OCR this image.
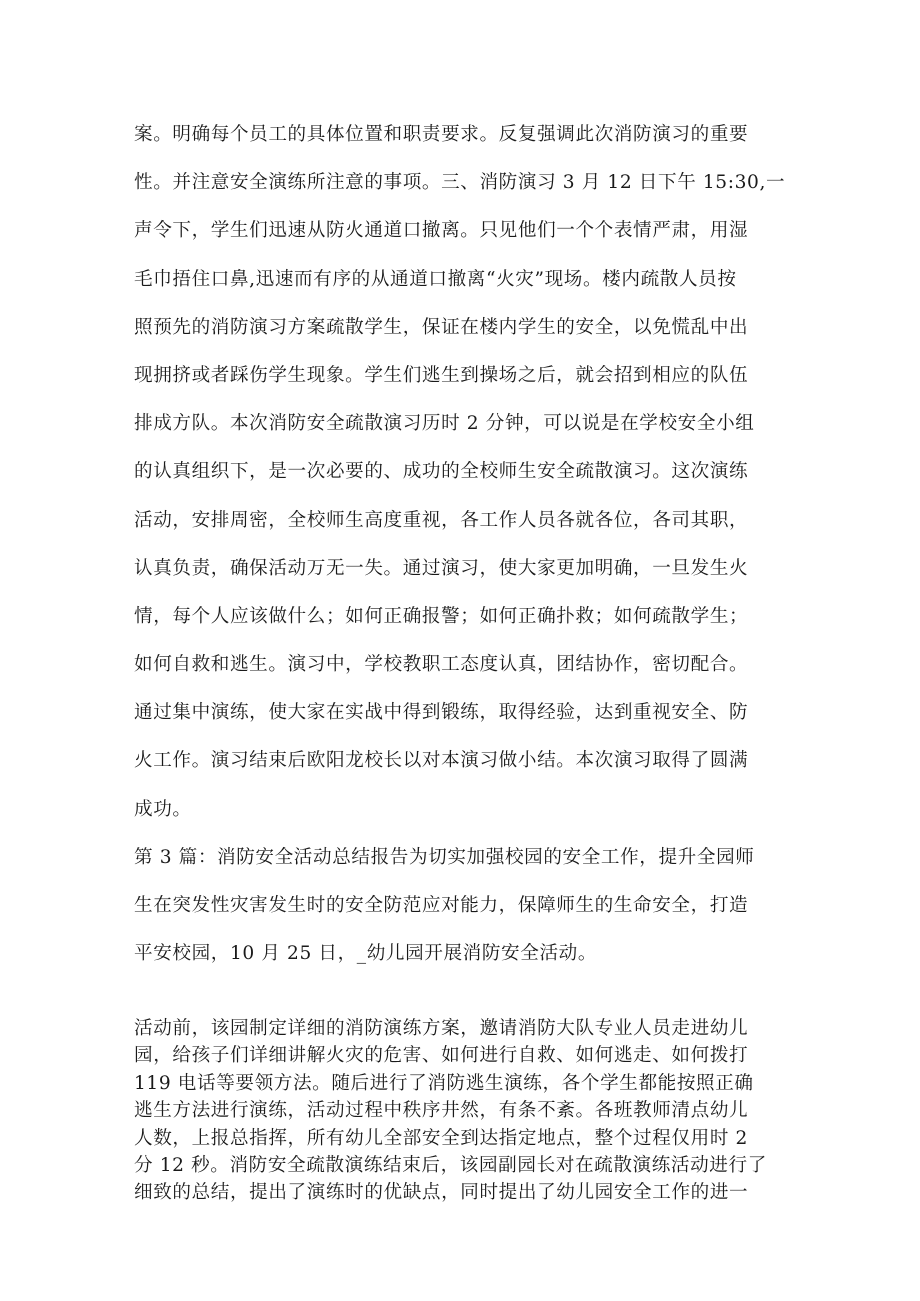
案。明确每个员工的具体位置和职责要求。反复强调此次消防演习的重要
性。并注意安全演练所注意的事项。三、消防演习 3 月 12 日下午 15:30,一
声令下，学生们迅速从防火通道口撤离。只见他们一个个表情严肃，用湿
毛巾捂住口鼻,迅速而有序的从通道口撤离“火灾”现场。楼内疏散人员按
照预先的消防演习方案疏散学生，保证在楼内学生的安全，以免慌乱中出
现拥挤或者踩伤学生现象。学生们逃生到操场之后，就会招到相应的队伍
排成方队。本次消防安全疏散演习历时 2 分钟，可以说是在学校安全小组
的认真组织下，是一次必要的、成功的全校师生安全疏散演习。这次演练
活动，安排周密，全校师生高度重视，各工作人员各就各位，各司其职，
认真负责，确保活动万无一失。通过演习，使大家更加明确，一旦发生火
情，每个人应该做什么；如何正确报警；如何正确扑救；如何疏散学生；
如何自救和逃生。演习中，学校教职工态度认真，团结协作，密切配合。
通过集中演练，使大家在实战中得到锻练，取得经验，达到重视安全、防
火工作。演习结束后欧阳龙校长以对本演习做小结。本次演习取得了圆满
成功。
第 3 篇：消防安全活动总结报告为切实加强校园的安全工作，提升全园师
生在突发性灾害发生时的安全防范应对能力，保障师生的生命安全，打造
平安校园，10 月 25 日，_幼儿园开展消防安全活动。
活动前，该园制定详细的消防演练方案，邀请消防大队专业人员走进幼儿
园，给孩子们详细讲解火灾的危害、如何进行自救、如何逃走、如何拨打
119 电话等要领方法。随后进行了消防逃生演练，各个学生都能按照正确
逃生方法进行演练，活动过程中秩序井然，有条不紊。各班教师清点幼儿
人数，上报总指挥，所有幼儿全部安全到达指定地点，整个过程仅用时 2
分 12 秒。消防安全疏散演练结束后，该园副园长对在疏散演练活动进行了
细致的总结，提出了演练时的优缺点，同时提出了幼儿园安全工作的进一
